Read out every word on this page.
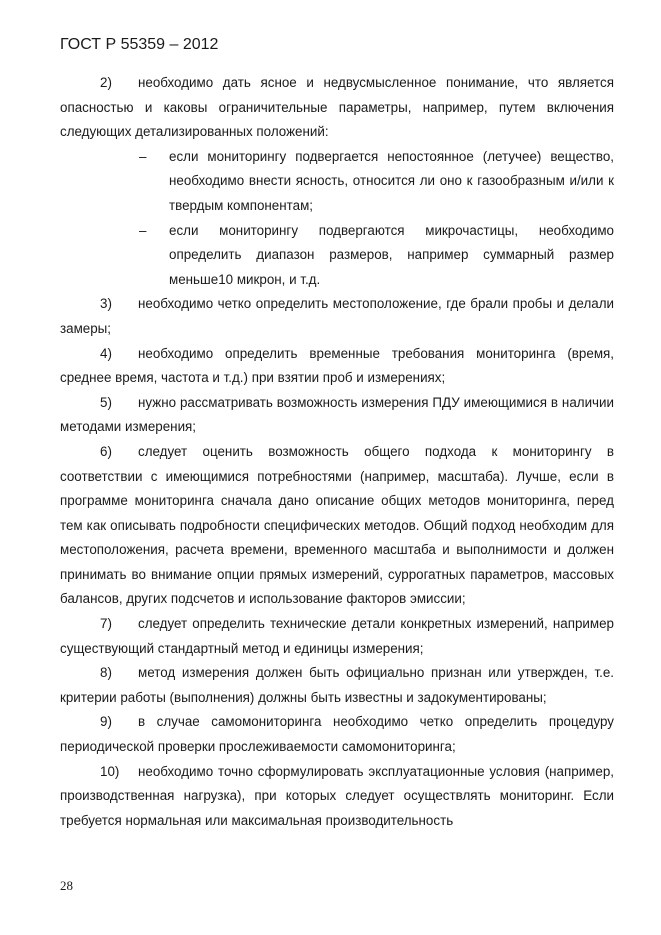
ГОСТ Р 55359 – 2012

2) необходимо дать ясное и недвусмысленное понимание, что является опасностью и каковы ограничительные параметры, например, путем включения следующих детализированных положений:

– если мониторингу подвергается непостоянное (летучее) вещество, необходимо внести ясность, относится ли оно к газообразным и/или к твердым компонентам;

– если мониторингу подвергаются микрочастицы, необходимо определить диапазон размеров, например суммарный размер меньше10 микрон, и т.д.

3) необходимо четко определить местоположение, где брали пробы и делали замеры;

4) необходимо определить временные требования мониторинга (время, среднее время, частота и т.д.) при взятии проб и измерениях;

5) нужно рассматривать возможность измерения ПДУ имеющимися в наличии методами измерения;

6) следует оценить возможность общего подхода к мониторингу в соответствии с имеющимися потребностями (например, масштаба). Лучше, если в программе мониторинга сначала дано описание общих методов мониторинга, перед тем как описывать подробности специфических методов. Общий подход необходим для местоположения, расчета времени, временного масштаба и выполнимости и должен принимать во внимание опции прямых измерений, суррогатных параметров, массовых балансов, других подсчетов и использование факторов эмиссии;

7) следует определить технические детали конкретных измерений, например существующий стандартный метод и единицы измерения;

8) метод измерения должен быть официально признан или утвержден, т.е. критерии работы (выполнения) должны быть известны и задокументированы;

9) в случае самомониторинга необходимо четко определить процедуру периодической проверки прослеживаемости самомониторинга;

10) необходимо точно сформулировать эксплуатационные условия (например, производственная нагрузка), при которых следует осуществлять мониторинг. Если требуется нормальная или максимальная производительность

28
